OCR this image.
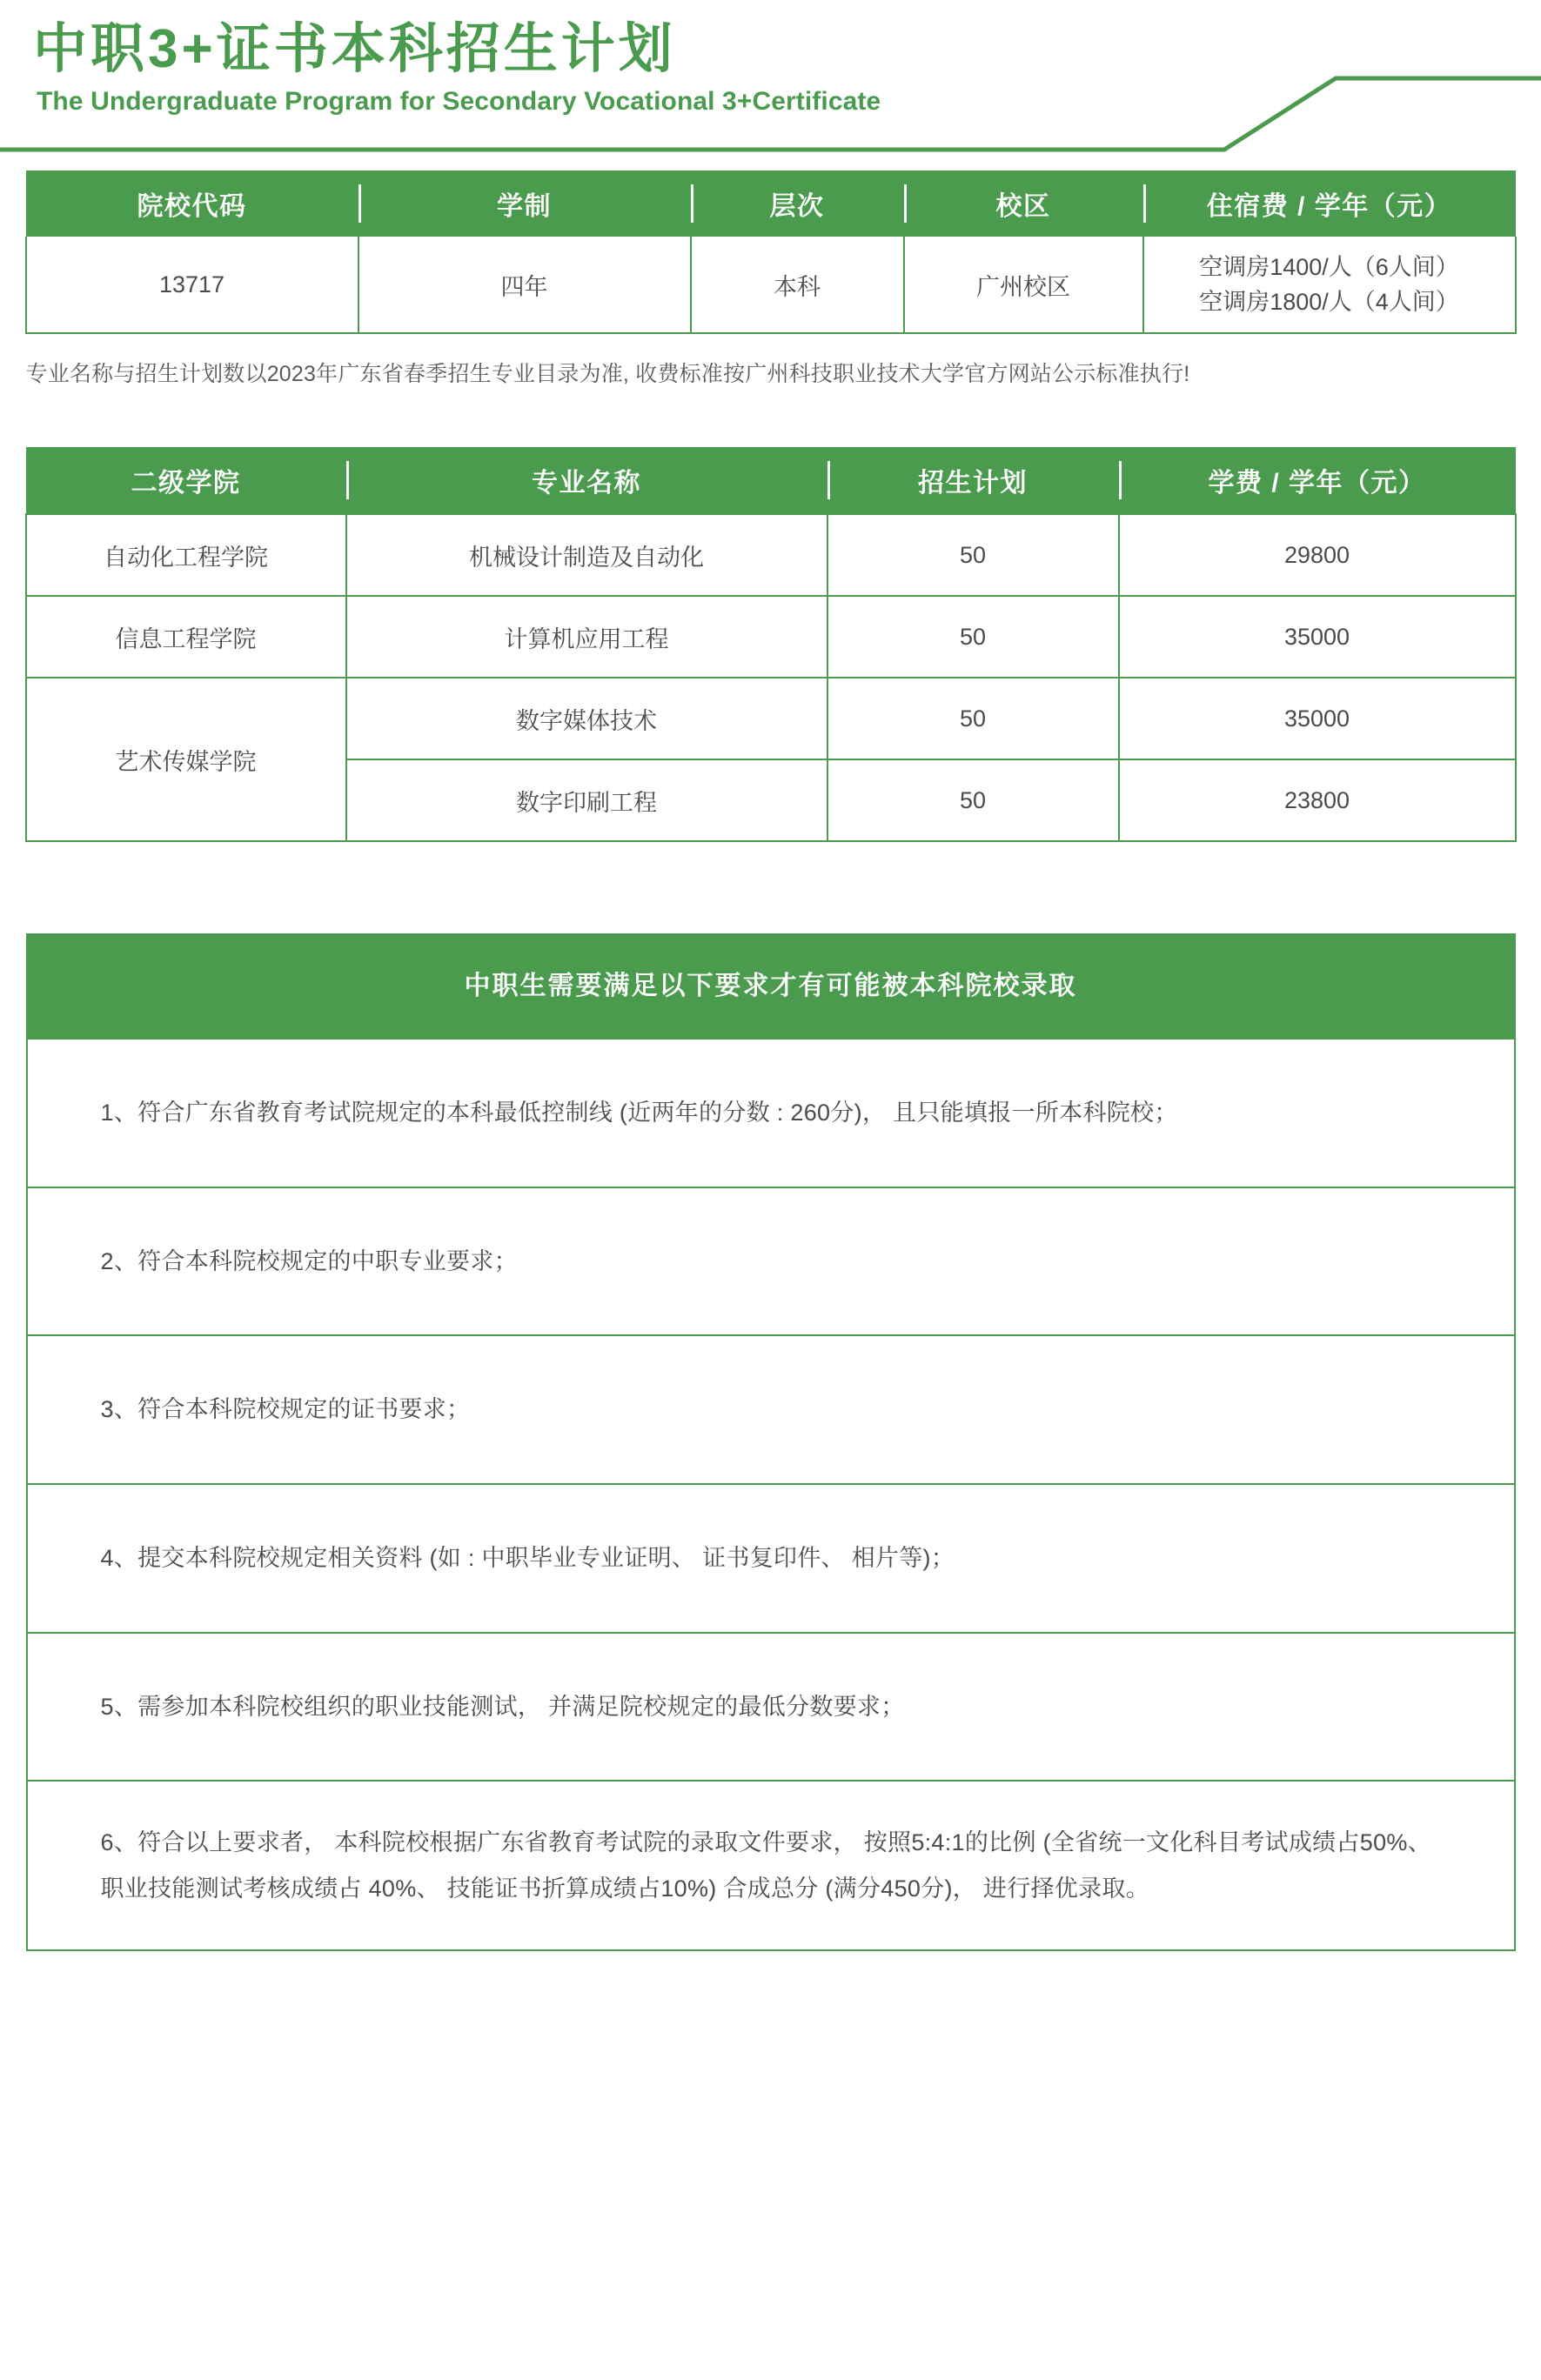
中职3+证书本科招生计划
The Undergraduate Program for Secondary Vocational 3+Certificate
院校代码	学制	层次	校区	住宿费 / 学年（元）
13717	四年	本科	广州校区	空调房1400/人（6人间）
空调房1800/人（4人间）
专业名称与招生计划数以2023年广东省春季招生专业目录为准, 收费标准按广州科技职业技术大学官方网站公示标准执行!
二级学院	专业名称	招生计划	学费 / 学年（元）
自动化工程学院	机械设计制造及自动化	50	29800
信息工程学院	计算机应用工程	50	35000
艺术传媒学院	数字媒体技术	50	35000
	数字印刷工程	50	23800
中职生需要满足以下要求才有可能被本科院校录取
1、符合广东省教育考试院规定的本科最低控制线 (近两年的分数 : 260分)， 且只能填报一所本科院校；
2、符合本科院校规定的中职专业要求；
3、符合本科院校规定的证书要求；
4、提交本科院校规定相关资料 (如 : 中职毕业专业证明、 证书复印件、 相片等)；
5、需参加本科院校组织的职业技能测试， 并满足院校规定的最低分数要求；
6、符合以上要求者， 本科院校根据广东省教育考试院的录取文件要求， 按照5:4:1的比例 (全省统一文化科目考试成绩占50%、 职业技能测试考核成绩占 40%、 技能证书折算成绩占10%) 合成总分 (满分450分)， 进行择优录取。
